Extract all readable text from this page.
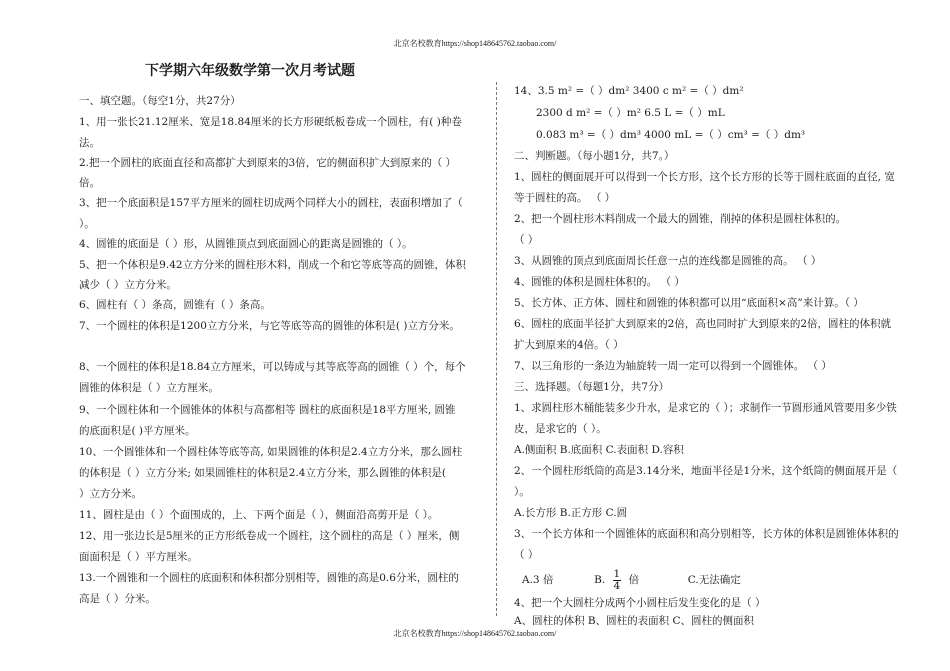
北京名校教育https://shop148645762.taobao.com/
下学期六年级数学第一次月考试题
一、填空题。（每空1分，共27分）
1、用一张长21.12厘米、宽是18.84厘米的长方形硬纸板卷成一个圆柱，有( )种卷
法。
2.把一个圆柱的底面直径和高都扩大到原来的3倍，它的侧面积扩大到原来的（ ）
倍。
3、把一个底面积是157平方厘米的圆柱切成两个同样大小的圆柱，表面积增加了（
）。
4、圆锥的底面是（ ）形，从圆锥顶点到底面圆心的距离是圆锥的（ ）。
5、把一个体积是9.42立方分米的圆柱形木料，削成一个和它等底等高的圆锥，体积
减少（ ）立方分米。
6、圆柱有（ ）条高，圆锥有（ ）条高。
7、一个圆柱的体积是1200立方分米，与它等底等高的圆锥的体积是( )立方分米。
8、一个圆柱的体积是18.84立方厘米，可以铸成与其等底等高的圆锥（ ）个，每个
圆锥的体积是（ ）立方厘米。
9、一个圆柱体和一个圆锥体的体积与高都相等 圆柱的底面积是18平方厘米, 圆锥
的底面积是( )平方厘米。
10、一个圆锥体和一个圆柱体等底等高, 如果圆锥的体积是2.4立方分米，那么圆柱
的体积是（ ）立方分米; 如果圆锥柱的体积是2.4立方分米，那么圆锥的体积是(
）立方分米。
11、圆柱是由（ ）个面围成的，上、下两个面是（ ），侧面沿高剪开是（ ）。
12、用一张边长是5厘米的正方形纸卷成一个圆柱，这个圆柱的高是（ ）厘米，侧
面面积是（ ）平方厘米。
13.一个圆锥和一个圆柱的底面积和体积都分别相等，圆锥的高是0.6分米，圆柱的
高是（ ）分米。
14、3.5 m² =（ ）dm² 3400 c m² =（ ）dm²
2300 d m² =（ ）m² 6.5 L =（ ）mL
0.083 m³ =（ ）dm³ 4000 mL =（ ）cm³ =（ ）dm³
二、判断题。（每小题1分，共7。）
1、圆柱的侧面展开可以得到一个长方形，这个长方形的长等于圆柱底面的直径, 宽
等于圆柱的高。 （ ）
2、把一个圆柱形木料削成一个最大的圆锥，削掉的体积是圆柱体积的。
（ ）
3、从圆锥的顶点到底面周长任意一点的连线都是圆锥的高。 （ ）
4、圆锥的体积是圆柱体积的。 （ ）
5、长方体、正方体、圆柱和圆锥的体积都可以用“底面积×高”来计算。（ ）
6、圆柱的底面半径扩大到原来的2倍，高也同时扩大到原来的2倍，圆柱的体积就
扩大到原来的4倍。（ ）
7、以三角形的一条边为轴旋转一周一定可以得到一个圆锥体。 （ ）
三、选择题。（每题1分，共7分）
1、求圆柱形木桶能装多少升水，是求它的（ ）；求制作一节圆形通风管要用多少铁
皮，是求它的（ ）。
A.侧面积 B.底面积 C.表面积 D.容积
2、一个圆柱形纸筒的高是3.14分米，地面半径是1分米，这个纸筒的侧面展开是（
）。
A.长方形 B.正方形 C.圆
3、一个长方体和一个圆锥体的底面积和高分别相等，长方体的体积是圆锥体体积的
（ ）
A.3 倍	B. $\frac{1}{4}$ 倍	C.无法确定
4、把一个大圆柱分成两个小圆柱后发生变化的是（ ）
A、圆柱的体积 B、圆柱的表面积 C、圆柱的侧面积
北京名校教育https://shop148645762.taobao.com/
